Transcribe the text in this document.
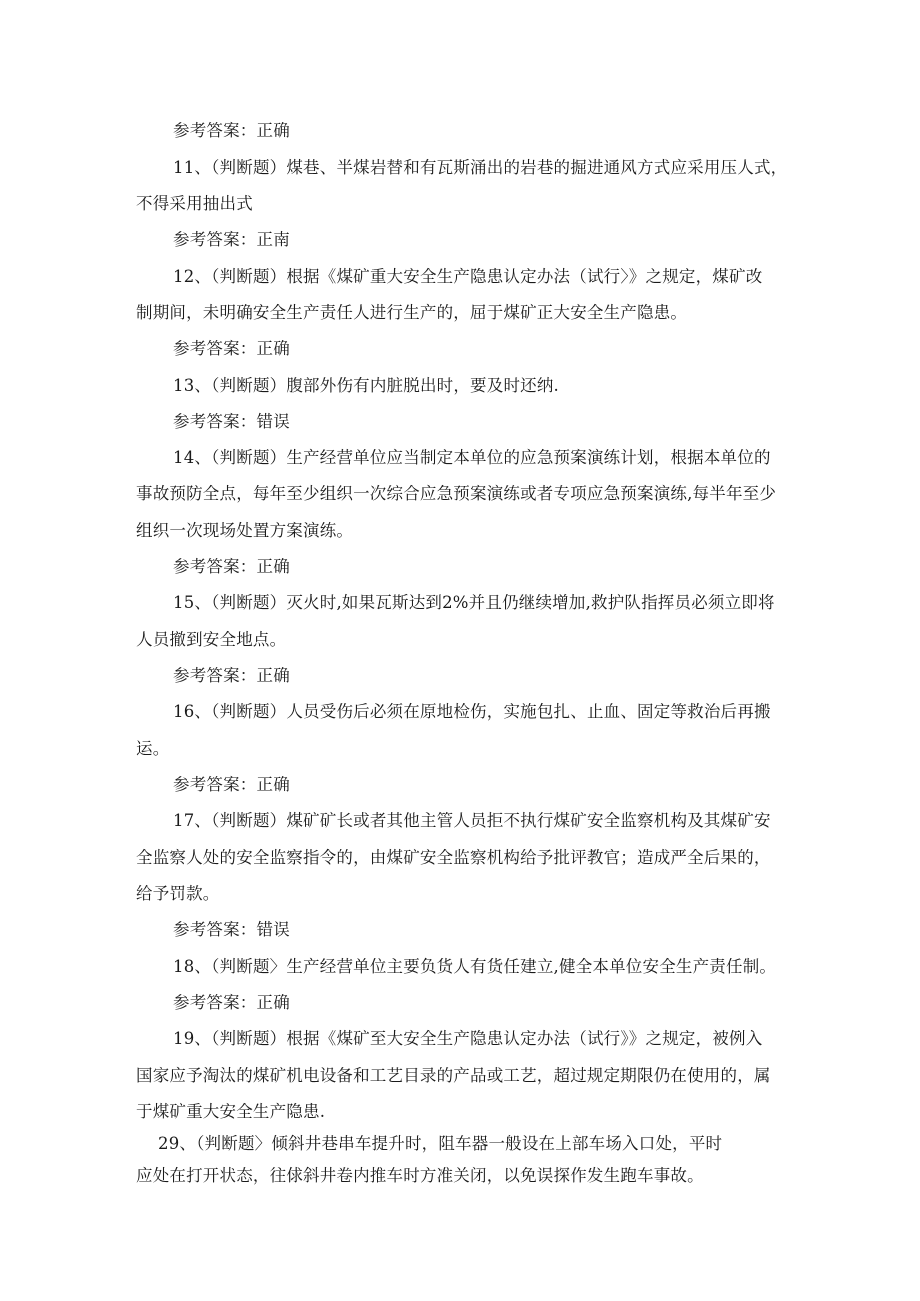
参考答案：正确
11、（判断题）煤巷、半煤岩替和有瓦斯涌出的岩巷的掘进通风方式应采用压人式，
不得采用抽出式
参考答案：正南
12、（判断题）根据《煤矿重大安全生产隐患认定办法（试行〉》之规定，煤矿改
制期间，未明确安全生产责任人进行生产的，屈于煤矿正大安全生产隐患。
参考答案：正确
13、（判断题）腹部外伤有内脏脱出时，要及时还纳.
参考答案：错误
14、（判断题）生产经营单位应当制定本单位的应急预案演练计划，根据本单位的
事故预防全点，每年至少组织一次综合应急预案演练或者专项应急预案演练,每半年至少
组织一次现场处置方案演练。
参考答案：正确
15、（判断题）灭火时,如果瓦斯达到2%并且仍继续增加,救护队指挥员必须立即将
人员撤到安全地点。
参考答案：正确
16、（判断题）人员受伤后必须在原地检伤，实施包扎、止血、固定等救治后再搬
运。
参考答案：正确
17、（判断题）煤矿矿长或者其他主管人员拒不执行煤矿安全监察机构及其煤矿安
全监察人处的安全监察指令的，由煤矿安全监察机构给予批评教官；造成严全后果的，
给予罚款。
参考答案：错误
18、（判断题〉生产经营单位主要负货人有货任建立,健全本单位安全生产责任制。
参考答案：正确
19、（判断题）根据《煤矿至大安全生产隐患认定办法（试行》》之规定，被例入
国家应予淘汰的煤矿机电设备和工艺目录的产品或工艺，超过规定期限仍在使用的，属
于煤矿重大安全生产隐患.
29、（判断题〉倾斜井巷串车提升时，阻车器一般设在上部车场入口处，平时
应处在打开状态，往俅斜井卷内推车时方准关闭，以免误探作发生跑车事故。
